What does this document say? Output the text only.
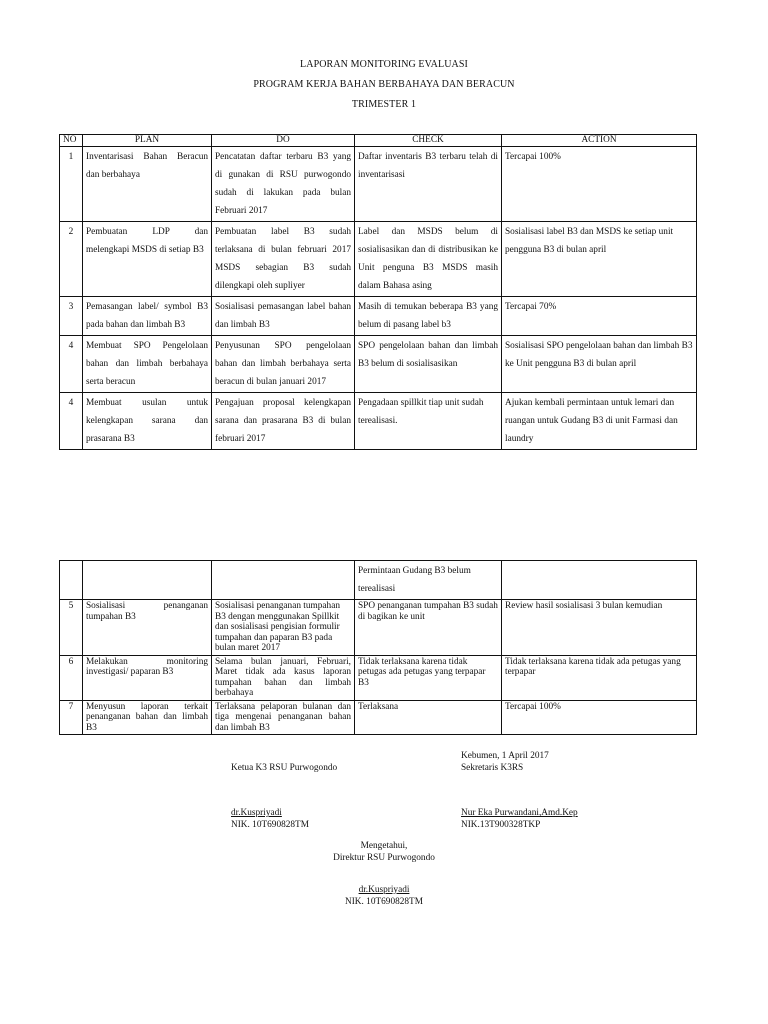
LAPORAN MONITORING EVALUASI
PROGRAM KERJA BAHAN BERBAHAYA DAN BERACUN
TRIMESTER 1
NO	PLAN	DO	CHECK	ACTION
1	Inventarisasi Bahan Beracun dan berbahaya	Pencatatan daftar terbaru B3 yang di gunakan di RSU purwogondo sudah di lakukan pada bulan Februari 2017	Daftar inventaris B3 terbaru telah di inventarisasi	Tercapai 100%
2	Pembuatan LDP dan melengkapi MSDS di setiap B3	Pembuatan label B3 sudah terlaksana di bulan februari 2017 MSDS sebagian B3 sudah dilengkapi oleh supliyer	Label dan MSDS belum di sosialisasikan dan di distribusikan ke Unit penguna B3 MSDS masih dalam Bahasa asing	Sosialisasi label B3 dan MSDS ke setiap unit pengguna B3 di bulan april
3	Pemasangan label/ symbol B3 pada bahan dan limbah B3	Sosialisasi pemasangan label bahan dan limbah B3	Masih di temukan beberapa B3 yang belum di pasang label b3	Tercapai 70%
4	Membuat SPO Pengelolaan bahan dan limbah berbahaya serta beracun	Penyusunan SPO pengelolaan bahan dan limbah berbahaya serta beracun di bulan januari 2017	SPO pengelolaan bahan dan limbah B3 belum di sosialisasikan	Sosialisasi SPO pengelolaan bahan dan limbah B3 ke Unit pengguna B3 di bulan april
4	Membuat usulan untuk kelengkapan sarana dan prasarana B3	Pengajuan proposal kelengkapan sarana dan prasarana B3 di bulan februari 2017	Pengadaan spillkit tiap unit sudah terealisasi.	Ajukan kembali permintaan untuk lemari dan ruangan untuk Gudang B3 di unit Farmasi dan laundry
			Permintaan Gudang B3 belum terealisasi	
5	Sosialisasi penanganan tumpahan B3	Sosialisasi penanganan tumpahan B3 dengan menggunakan Spillkit dan sosialisasi pengisian formulir tumpahan dan paparan B3 pada bulan maret 2017	SPO penanganan tumpahan B3 sudah di bagikan ke unit	Review hasil sosialisasi 3 bulan kemudian
6	Melakukan monitoring investigasi/ paparan B3	Selama bulan januari, Februari, Maret tidak ada kasus laporan tumpahan bahan dan limbah berbahaya	Tidak terlaksana karena tidak petugas ada petugas yang terpapar B3	Tidak terlaksana karena tidak ada petugas yang terpapar
7	Menyusun laporan terkait penanganan bahan dan limbah B3	Terlaksana pelaporan bulanan dan tiga mengenai penanganan bahan dan limbah B3	Terlaksana	Tercapai 100%
Kebumen, 1 April 2017
Ketua K3 RSU Purwogondo	Sekretaris K3RS
dr.Kuspriyadi
NIK. 10T690828TM
Nur Eka Purwandani,Amd.Kep
NIK.13T900328TKP
Mengetahui,
Direktur RSU Purwogondo
dr.Kuspriyadi
NIK. 10T690828TM
